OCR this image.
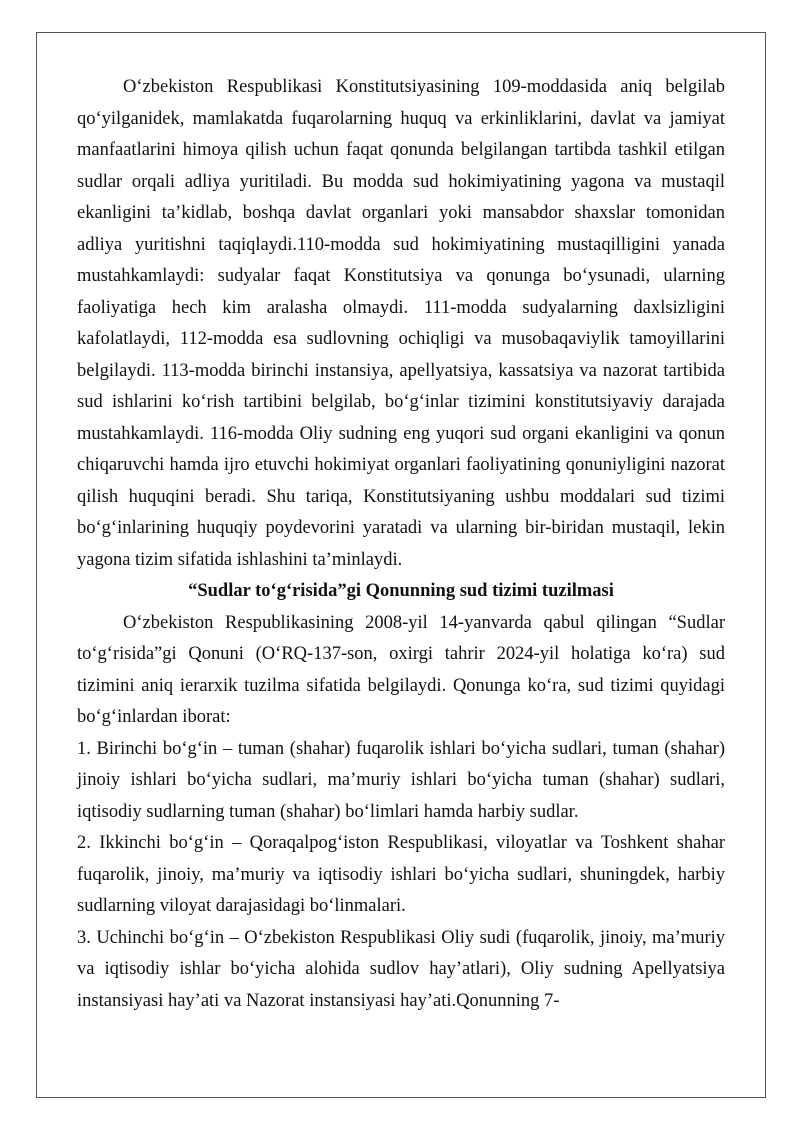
O‘zbekiston Respublikasi Konstitutsiyasining 109-moddasida aniq belgilab qo‘yilganidek, mamlakatda fuqarolarning huquq va erkinliklarini, davlat va jamiyat manfaatlarini himoya qilish uchun faqat qonunda belgilangan tartibda tashkil etilgan sudlar orqali adliya yuritiladi. Bu modda sud hokimiyatining yagona va mustaqil ekanligini ta’kidlab, boshqa davlat organlari yoki mansabdor shaxslar tomonidan adliya yuritishni taqiqlaydi.110-modda sud hokimiyatining mustaqilligini yanada mustahkamlaydi: sudyalar faqat Konstitutsiya va qonunga bo‘ysunadi, ularning faoliyatiga hech kim aralasha olmaydi. 111-modda sudyalarning daxlsizligini kafolatlaydi, 112-modda esa sudlovning ochiqligi va musobaqaviylik tamoyillarini belgilaydi. 113-modda birinchi instansiya, apellyatsiya, kassatsiya va nazorat tartibida sud ishlarini ko‘rish tartibini belgilab, bo‘g‘inlar tizimini konstitutsiyaviy darajada mustahkamlaydi. 116-modda Oliy sudning eng yuqori sud organi ekanligini va qonun chiqaruvchi hamda ijro etuvchi hokimiyat organlari faoliyatining qonuniyligini nazorat qilish huquqini beradi. Shu tariqa, Konstitutsiyaning ushbu moddalari sud tizimi bo‘g‘inlarining huquqiy poydevorini yaratadi va ularning bir-biridan mustaqil, lekin yagona tizim sifatida ishlashini ta’minlaydi.

“Sudlar to‘g‘risida”gi Qonunning sud tizimi tuzilmasi

O‘zbekiston Respublikasining 2008-yil 14-yanvarda qabul qilingan “Sudlar to‘g‘risida”gi Qonuni (O‘RQ-137-son, oxirgi tahrir 2024-yil holatiga ko‘ra) sud tizimini aniq ierarxik tuzilma sifatida belgilaydi. Qonunga ko‘ra, sud tizimi quyidagi bo‘g‘inlardan iborat:

1. Birinchi bo‘g‘in – tuman (shahar) fuqarolik ishlari bo‘yicha sudlari, tuman (shahar) jinoiy ishlari bo‘yicha sudlari, ma’muriy ishlari bo‘yicha tuman (shahar) sudlari, iqtisodiy sudlarning tuman (shahar) bo‘limlari hamda harbiy sudlar.

2. Ikkinchi bo‘g‘in – Qoraqalpog‘iston Respublikasi, viloyatlar va Toshkent shahar fuqarolik, jinoiy, ma’muriy va iqtisodiy ishlari bo‘yicha sudlari, shuningdek, harbiy sudlarning viloyat darajasidagi bo‘linmalari.

3. Uchinchi bo‘g‘in – O‘zbekiston Respublikasi Oliy sudi (fuqarolik, jinoiy, ma’muriy va iqtisodiy ishlar bo‘yicha alohida sudlov hay’atlari), Oliy sudning Apellyatsiya instansiyasi hay’ati va Nazorat instansiyasi hay’ati.Qonunning 7-
